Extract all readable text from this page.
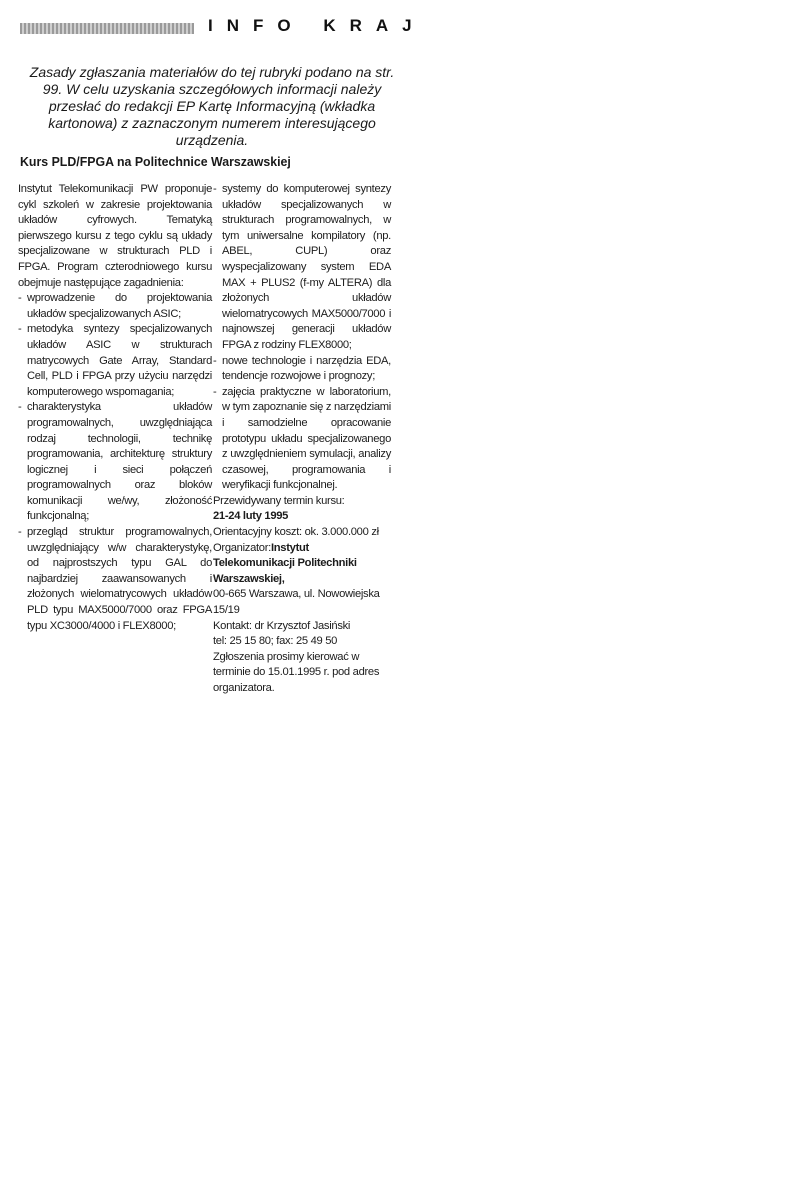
INFO KRAJ
Zasady zgłaszania materiałów do tej rubryki podano na str. 99. W celu uzyskania szczegółowych informacji należy przesłać do redakcji EP Kartę Informacyjną (wkładka kartonowa) z zaznaczonym numerem interesującego urządzenia.
Kurs PLD/FPGA na Politechnice Warszawskiej

Instytut Telekomunikacji PW proponuje cykl szkoleń w zakresie projektowania układów cyfrowych. Tematyką pierwszego kursu z tego cyklu są układy specjalizowane w strukturach PLD i FPGA. Program czterodniowego kursu obejmuje następujące zagadnienia:

- wprowadzenie do projektowania układów specjalizowanych ASIC;
- metodyka syntezy specjalizowanych układów ASIC w strukturach matrycowych Gate Array, Standard Cell, PLD i FPGA przy użyciu narzędzi komputerowego wspomagania;
- charakterystyka układów programowalnych, uwzględniająca rodzaj technologii, technikę programowania, architekturę struktury logicznej i sieci połączeń programowalnych oraz bloków komunikacji we/wy, złożoność funkcjonalną;
- przegląd struktur programowalnych, uwzględniający w/w charakterystykę, od najprostszych typu GAL do najbardziej zaawansowanych i złożonych wielomatrycowych układów PLD typu MAX5000/7000 oraz FPGA typu XC3000/4000 i FLEX8000;
- systemy do komputerowej syntezy układów specjalizowanych w strukturach programowalnych, w tym uniwersalne kompilatory (np. ABEL, CUPL) oraz wyspecjalizowany system EDA MAX + PLUS2 (f-my ALTERA) dla złożonych układów wielomatrycowych MAX5000/7000 i najnowszej generacji układów FPGA z rodziny FLEX8000;
- nowe technologie i narzędzia EDA, tendencje rozwojowe i prognozy;
- zajęcia praktyczne w laboratorium, w tym zapoznanie się z narzędziami i samodzielne opracowanie prototypu układu specjalizowanego z uwzględnieniem symulacji, analizy czasowej, programowania i weryfikacji funkcjonalnej.

Przewidywany termin kursu:

21-24 luty 1995

Orientacyjny koszt: ok. 3.000.000 zł

Organizator:Instytut Telekomunikacji Politechniki Warszawskiej,

00-665 Warszawa, ul. Nowowiejska 15/19

Kontakt: dr Krzysztof Jasiński

tel: 25 15 80; fax: 25 49 50

Zgłoszenia prosimy kierować w terminie do 15.01.1995 r. pod adres organizatora.
